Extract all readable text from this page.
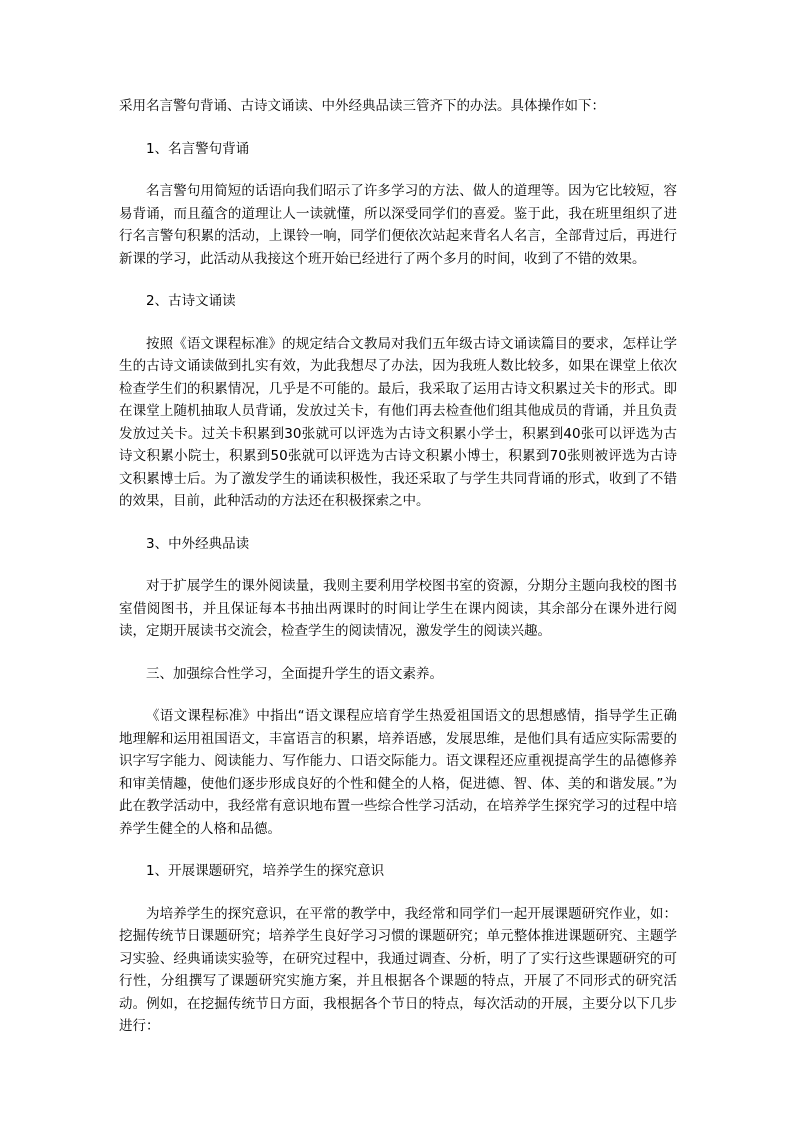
采用名言警句背诵、古诗文诵读、中外经典品读三管齐下的办法。具体操作如下：

1、名言警句背诵

名言警句用简短的话语向我们昭示了许多学习的方法、做人的道理等。因为它比较短，容易背诵，而且蕴含的道理让人一读就懂，所以深受同学们的喜爱。鉴于此，我在班里组织了进行名言警句积累的活动，上课铃一响，同学们便依次站起来背名人名言，全部背过后，再进行新课的学习，此活动从我接这个班开始已经进行了两个多月的时间，收到了不错的效果。

2、古诗文诵读

按照《语文课程标准》的规定结合文教局对我们五年级古诗文诵读篇目的要求，怎样让学生的古诗文诵读做到扎实有效，为此我想尽了办法，因为我班人数比较多，如果在课堂上依次检查学生们的积累情况，几乎是不可能的。最后，我采取了运用古诗文积累过关卡的形式。即在课堂上随机抽取人员背诵，发放过关卡，有他们再去检查他们组其他成员的背诵，并且负责发放过关卡。过关卡积累到30张就可以评选为古诗文积累小学士，积累到40张可以评选为古诗文积累小院士，积累到50张就可以评选为古诗文积累小博士，积累到70张则被评选为古诗文积累博士后。为了激发学生的诵读积极性，我还采取了与学生共同背诵的形式，收到了不错的效果，目前，此种活动的方法还在积极探索之中。

3、中外经典品读

对于扩展学生的课外阅读量，我则主要利用学校图书室的资源，分期分主题向我校的图书室借阅图书，并且保证每本书抽出两课时的时间让学生在课内阅读，其余部分在课外进行阅读，定期开展读书交流会，检查学生的阅读情况，激发学生的阅读兴趣。

三、加强综合性学习，全面提升学生的语文素养。

《语文课程标准》中指出“语文课程应培育学生热爱祖国语文的思想感情，指导学生正确地理解和运用祖国语文，丰富语言的积累，培养语感，发展思维，是他们具有适应实际需要的识字写字能力、阅读能力、写作能力、口语交际能力。语文课程还应重视提高学生的品德修养和审美情趣，使他们逐步形成良好的个性和健全的人格，促进德、智、体、美的和谐发展。”为此在教学活动中，我经常有意识地布置一些综合性学习活动，在培养学生探究学习的过程中培养学生健全的人格和品德。

1、开展课题研究，培养学生的探究意识

为培养学生的探究意识，在平常的教学中，我经常和同学们一起开展课题研究作业，如：挖掘传统节日课题研究；培养学生良好学习习惯的课题研究；单元整体推进课题研究、主题学习实验、经典诵读实验等，在研究过程中，我通过调查、分析，明了了实行这些课题研究的可行性，分组撰写了课题研究实施方案，并且根据各个课题的特点，开展了不同形式的研究活动。例如，在挖掘传统节日方面，我根据各个节日的特点，每次活动的开展，主要分以下几步进行：
